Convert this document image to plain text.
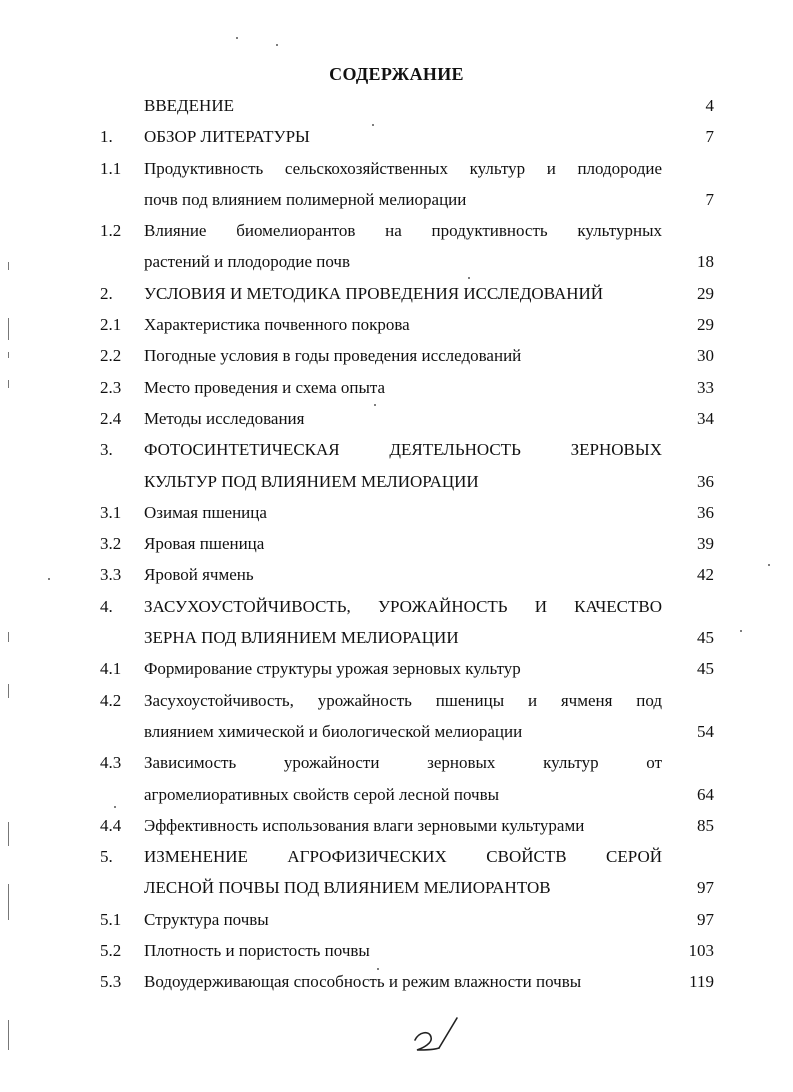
СОДЕРЖАНИЕ
ВВЕДЕНИЕ	4
1.	ОБЗОР ЛИТЕРАТУРЫ	7
1.1	Продуктивность сельскохозяйственных культур и плодородие
почв под влиянием полимерной мелиорации	7
1.2	Влияние биомелиорантов на продуктивность культурных
растений и плодородие почв	18
2.	УСЛОВИЯ И МЕТОДИКА ПРОВЕДЕНИЯ ИССЛЕДОВАНИЙ	29
2.1	Характеристика почвенного покрова	29
2.2	Погодные условия в годы проведения исследований	30
2.3	Место проведения и схема опыта	33
2.4	Методы исследования	34
3.	ФОТОСИНТЕТИЧЕСКАЯ ДЕЯТЕЛЬНОСТЬ ЗЕРНОВЫХ
КУЛЬТУР ПОД ВЛИЯНИЕМ МЕЛИОРАЦИИ	36
3.1	Озимая пшеница	36
3.2	Яровая пшеница	39
3.3	Яровой ячмень	42
4.	ЗАСУХОУСТОЙЧИВОСТЬ, УРОЖАЙНОСТЬ И КАЧЕСТВО
ЗЕРНА ПОД ВЛИЯНИЕМ МЕЛИОРАЦИИ	45
4.1	Формирование структуры урожая зерновых культур	45
4.2	Засухоустойчивость, урожайность пшеницы и ячменя под
влиянием химической и биологической мелиорации	54
4.3	Зависимость урожайности зерновых культур от
агромелиоративных свойств серой лесной почвы	64
4.4	Эффективность использования влаги зерновыми культурами	85
5.	ИЗМЕНЕНИЕ АГРОФИЗИЧЕСКИХ СВОЙСТВ СЕРОЙ
ЛЕСНОЙ ПОЧВЫ ПОД ВЛИЯНИЕМ МЕЛИОРАНТОВ	97
5.1	Структура почвы	97
5.2	Плотность и пористость почвы	103
5.3	Водоудерживающая способность и режим влажности почвы	119
